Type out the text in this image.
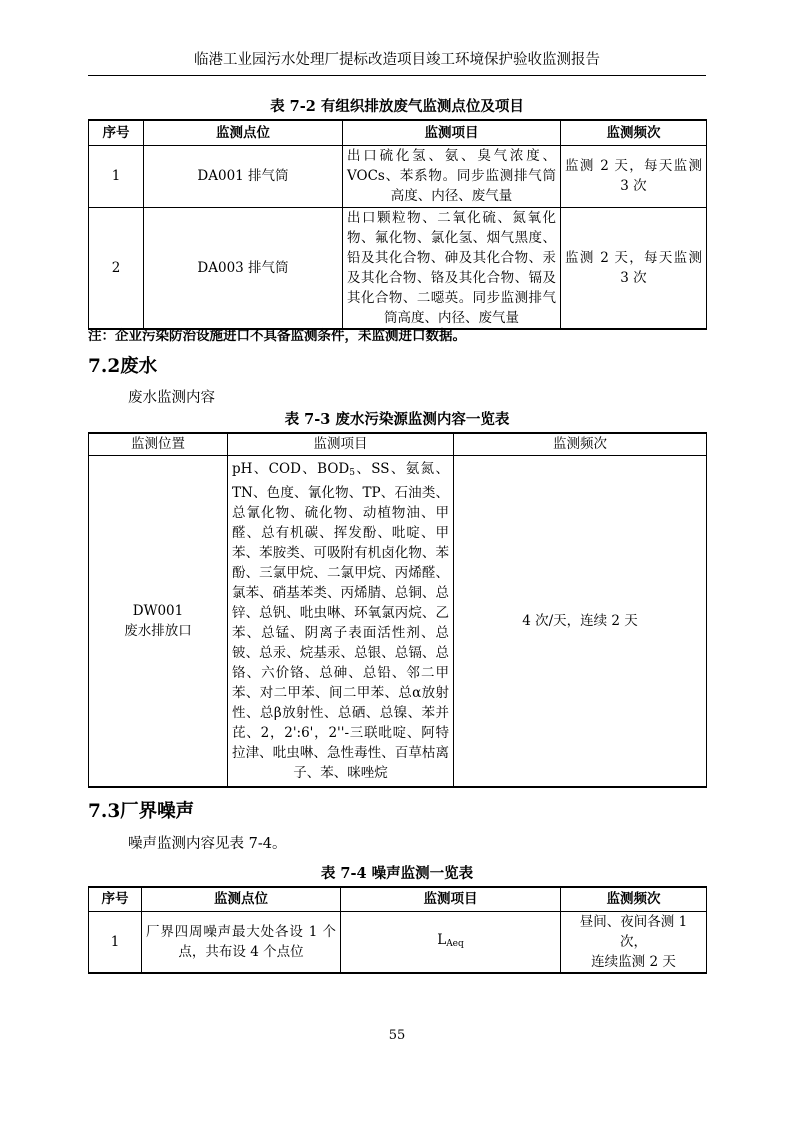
临港工业园污水处理厂提标改造项目竣工环境保护验收监测报告
表 7-2 有组织排放废气监测点位及项目
序号	监测点位	监测项目	监测频次
1	DA001 排气筒	出口硫化氢、氨、臭气浓度、VOCs、苯系物。同步监测排气筒高度、内径、废气量	监测 2 天，每天监测 3 次
2	DA003 排气筒	出口颗粒物、二氧化硫、氮氧化物、氟化物、氯化氢、烟气黑度、铅及其化合物、砷及其化合物、汞及其化合物、铬及其化合物、镉及其化合物、二噁英。同步监测排气筒高度、内径、废气量	监测 2 天，每天监测 3 次
注：企业污染防治设施进口不具备监测条件，未监测进口数据。
7.2废水
废水监测内容
表 7-3 废水污染源监测内容一览表
监测位置	监测项目	监测频次

DW001
废水排放口	pH、COD、$BOD_5$、SS、氨氮、TN、色度、氰化物、TP、石油类、总氰化物、硫化物、动植物油、甲醛、总有机碳、挥发酚、吡啶、甲苯、苯胺类、可吸附有机卤化物、苯酚、三氯甲烷、二氯甲烷、丙烯醛、氯苯、硝基苯类、丙烯腈、总铜、总锌、总钒、吡虫啉、环氧氯丙烷、乙苯、总锰、阴离子表面活性剂、总铍、总汞、烷基汞、总银、总镉、总铬、六价铬、总砷、总铅、邻二甲苯、对二甲苯、间二甲苯、总α放射性、总β放射性、总硒、总镍、苯并芘、2，2':6'，2''-三联吡啶、阿特拉津、吡虫啉、急性毒性、百草枯离子、苯、咪唑烷	4 次/天，连续 2 天
7.3厂界噪声
噪声监测内容见表 7-4。
表 7-4 噪声监测一览表
序号	监测点位	监测项目	监测频次
1	厂界四周噪声最大处各设 1 个点，共布设 4 个点位	$L_{Aeq}$	昼间、夜间各测 1 次，
连续监测 2 天
55
